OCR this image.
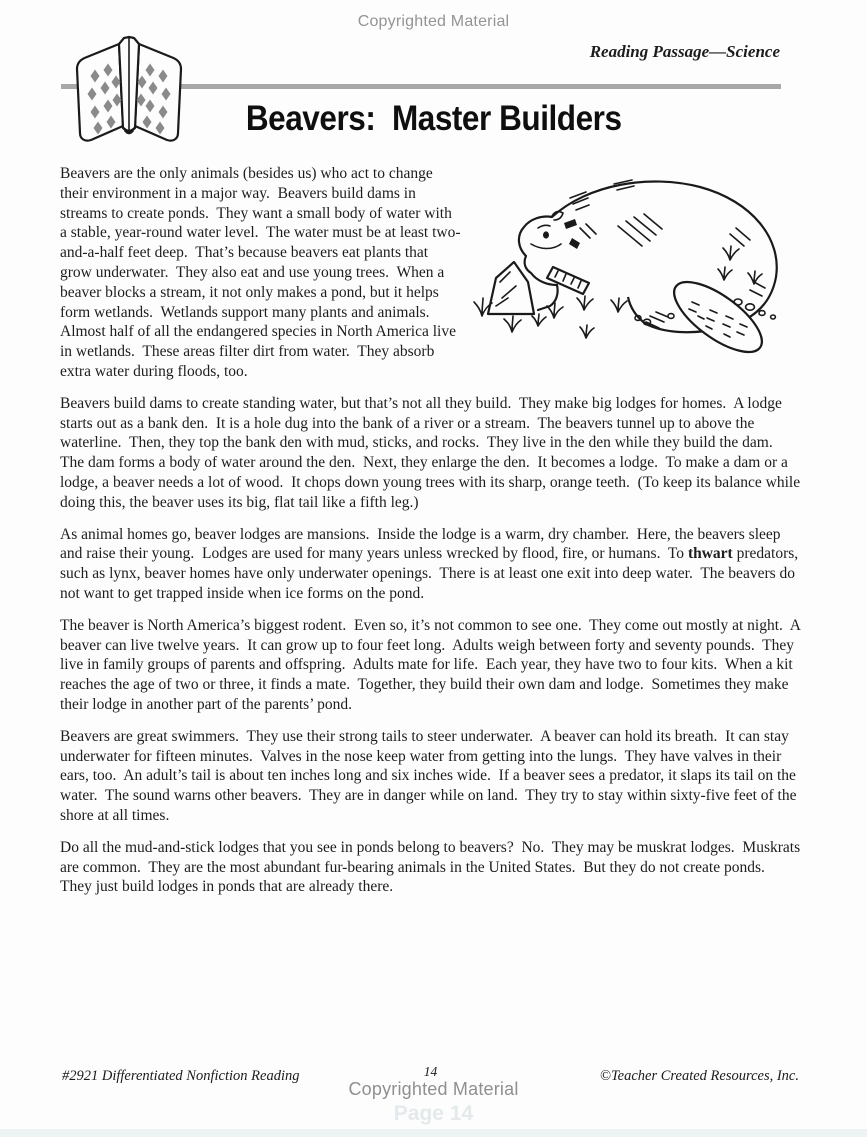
Copyrighted Material
Reading Passage—Science
Beavers:  Master Builders

Beavers are the only animals (besides us) who act to change their environment in a major way.  Beavers build dams in streams to create ponds.  They want a small body of water with a stable, year-round water level.  The water must be at least two-and-a-half feet deep.  That’s because beavers eat plants that grow underwater.  They also eat and use young trees.  When a beaver blocks a stream, it not only makes a pond, but it helps form wetlands.  Wetlands support many plants and animals.  Almost half of all the endangered species in North America live in wetlands.  These areas filter dirt from water.  They absorb extra water during floods, too.

Beavers build dams to create standing water, but that’s not all they build.  They make big lodges for homes.  A lodge starts out as a bank den.  It is a hole dug into the bank of a river or a stream.  The beavers tunnel up to above the waterline.  Then, they top the bank den with mud, sticks, and rocks.  They live in the den while they build the dam.  The dam forms a body of water around the den.  Next, they enlarge the den.  It becomes a lodge.  To make a dam or a lodge, a beaver needs a lot of wood.  It chops down young trees with its sharp, orange teeth.  (To keep its balance while doing this, the beaver uses its big, flat tail like a fifth leg.)

As animal homes go, beaver lodges are mansions.  Inside the lodge is a warm, dry chamber.  Here, the beavers sleep and raise their young.  Lodges are used for many years unless wrecked by flood, fire, or humans.  To thwart predators, such as lynx, beaver homes have only underwater openings.  There is at least one exit into deep water.  The beavers do not want to get trapped inside when ice forms on the pond.

The beaver is North America’s biggest rodent.  Even so, it’s not common to see one.  They come out mostly at night.  A beaver can live twelve years.  It can grow up to four feet long.  Adults weigh between forty and seventy pounds.  They live in family groups of parents and offspring.  Adults mate for life.  Each year, they have two to four kits.  When a kit reaches the age of two or three, it finds a mate.  Together, they build their own dam and lodge.  Sometimes they make their lodge in another part of the parents’ pond.

Beavers are great swimmers.  They use their strong tails to steer underwater.  A beaver can hold its breath.  It can stay underwater for fifteen minutes.  Valves in the nose keep water from getting into the lungs.  They have valves in their ears, too.  An adult’s tail is about ten inches long and six inches wide.  If a beaver sees a predator, it slaps its tail on the water.  The sound warns other beavers.  They are in danger while on land.  They try to stay within sixty-five feet of the shore at all times.

Do all the mud-and-stick lodges that you see in ponds belong to beavers?  No.  They may be muskrat lodges.  Muskrats are common.  They are the most abundant fur-bearing animals in the United States.  But they do not create ponds.  They just build lodges in ponds that are already there.

#2921 Differentiated Nonfiction Reading	14	©Teacher Created Resources, Inc.
Copyrighted Material
Page 14
